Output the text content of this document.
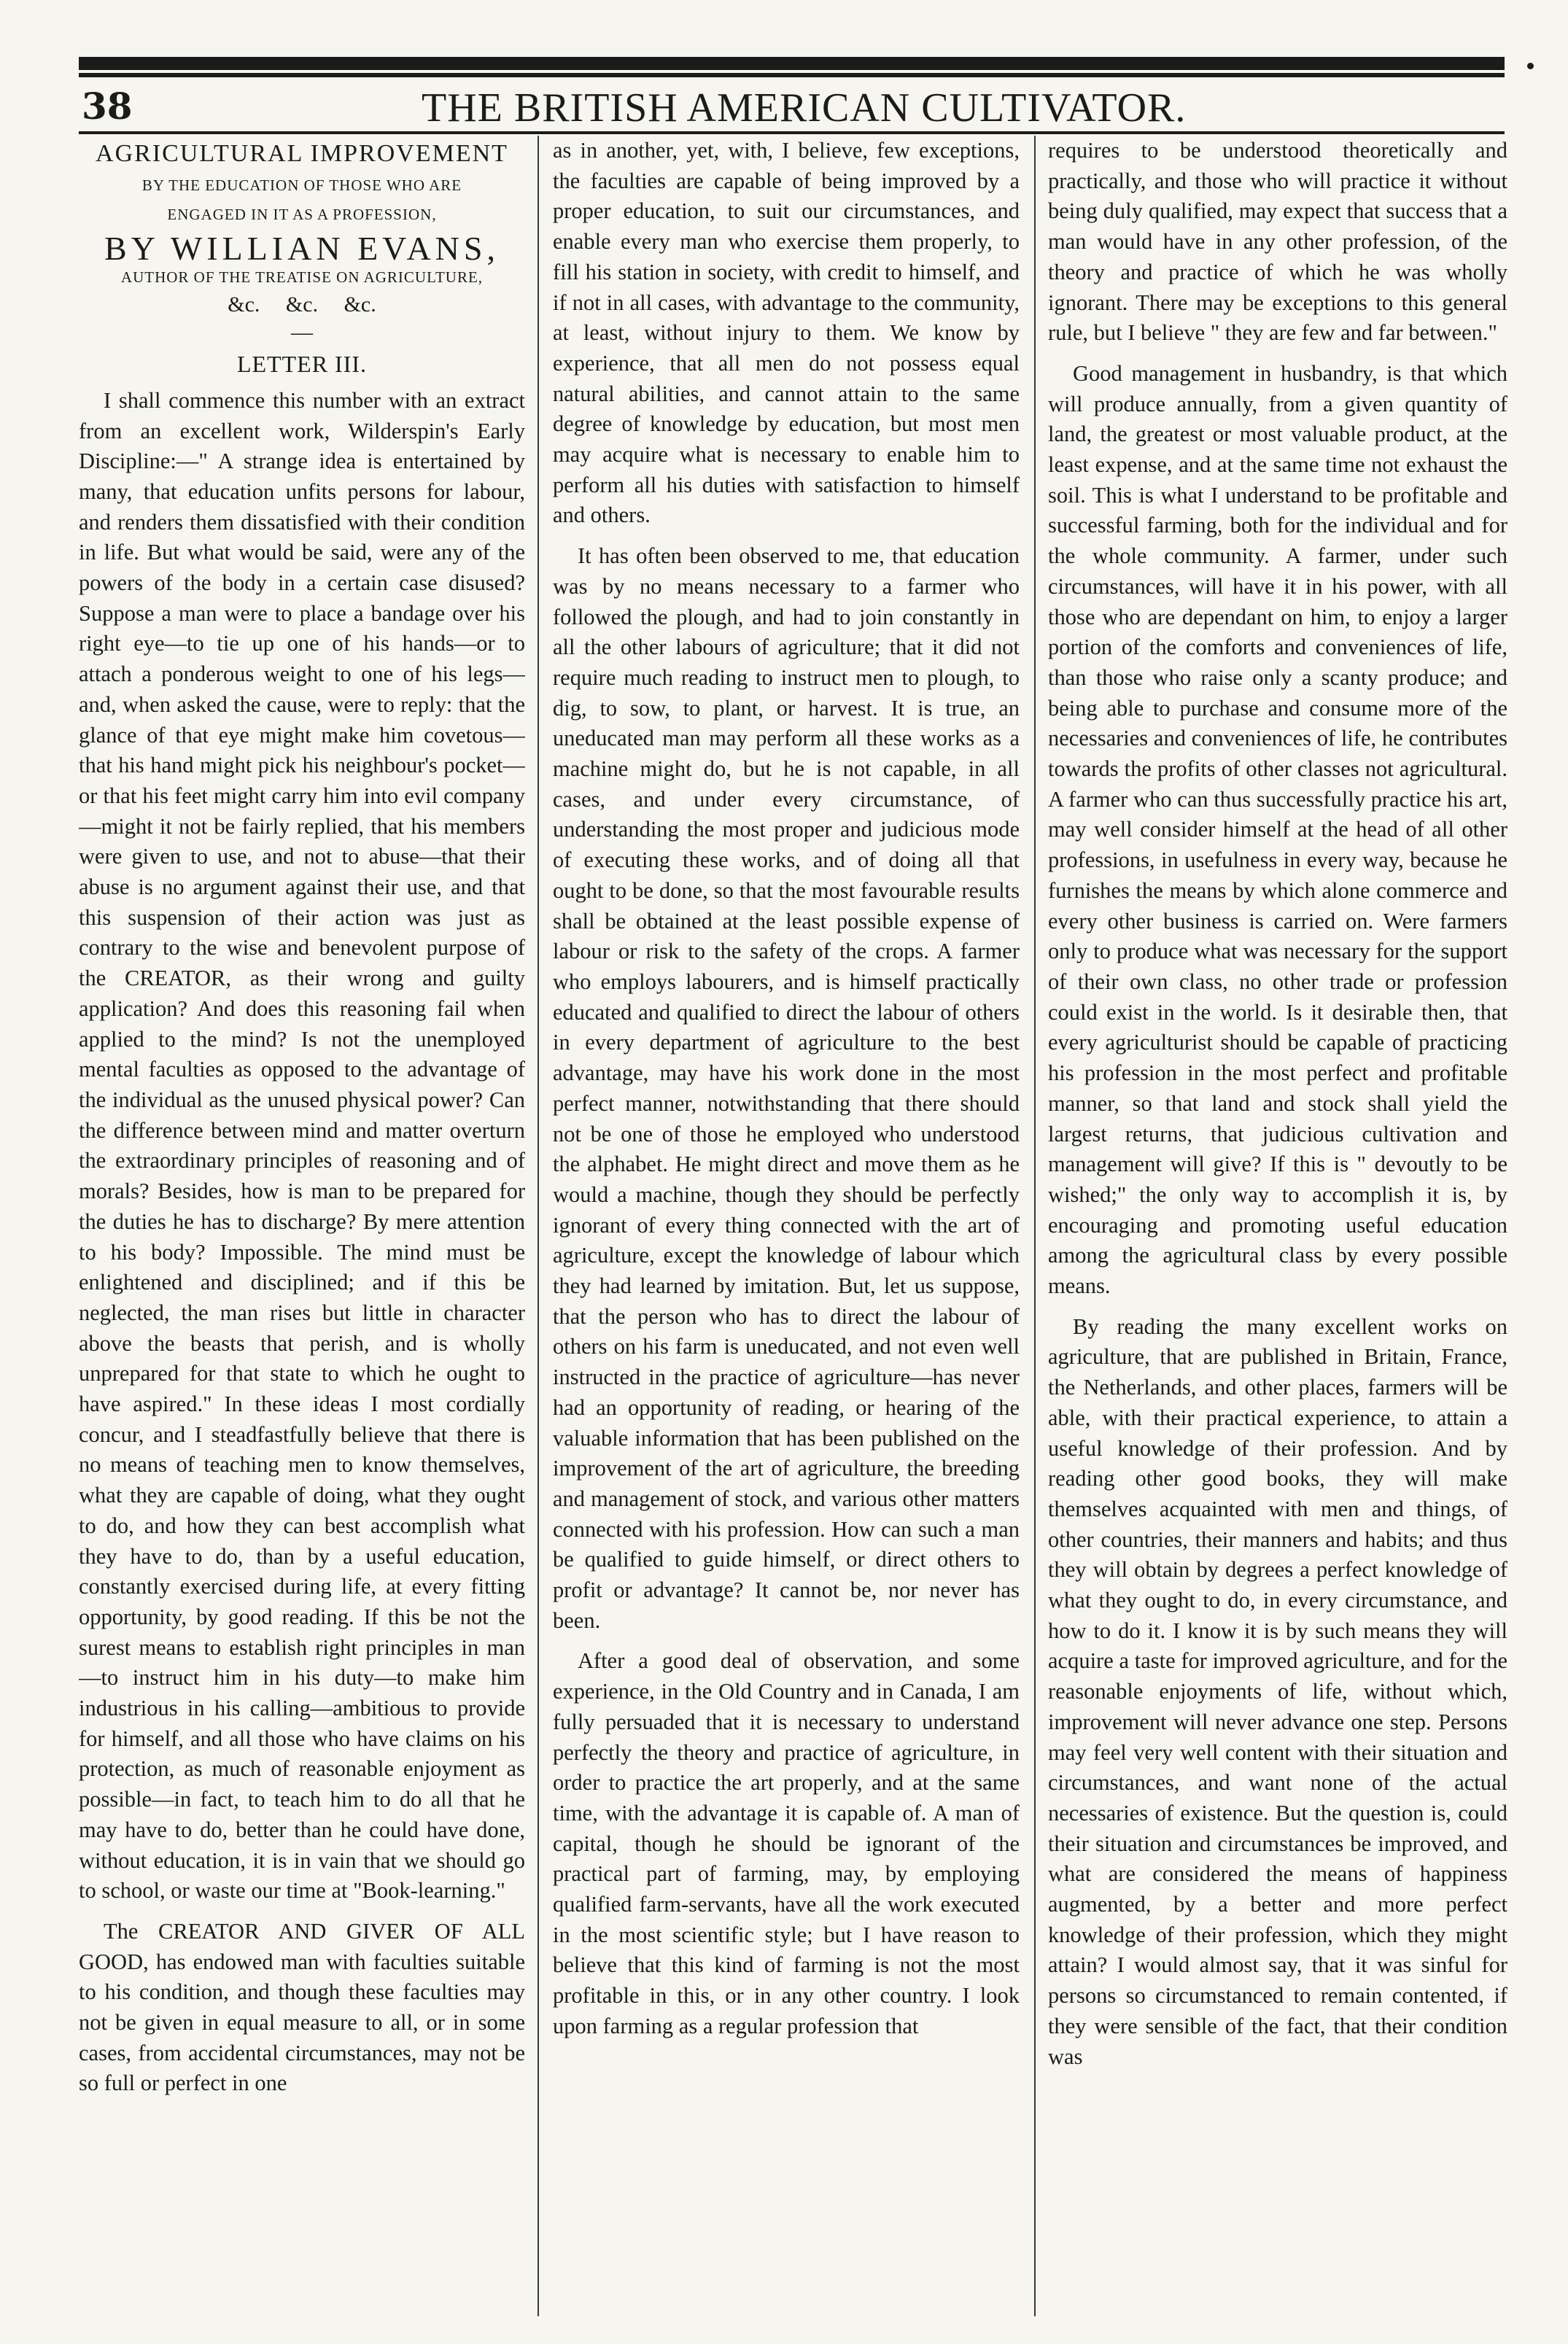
38	THE BRITISH AMERICAN CULTIVATOR.
AGRICULTURAL IMPROVEMENT
BY THE EDUCATION OF THOSE WHO ARE
ENGAGED IN IT AS A PROFESSION,
BY WILLIAN EVANS,
AUTHOR OF THE TREATISE ON AGRICULTURE,
&c. &c. &c.
—
LETTER III.

I shall commence this number with an extract from an excellent work, Wilderspin's Early Discipline:—" A strange idea is entertained by many, that education unfits persons for labour, and renders them dissatisfied with their condition in life. But what would be said, were any of the powers of the body in a certain case disused? Suppose a man were to place a bandage over his right eye—to tie up one of his hands—or to attach a ponderous weight to one of his legs—and, when asked the cause, were to reply: that the glance of that eye might make him covetous—that his hand might pick his neighbour's pocket—or that his feet might carry him into evil company—might it not be fairly replied, that his members were given to use, and not to abuse—that their abuse is no argument against their use, and that this suspension of their action was just as contrary to the wise and benevolent purpose of the CREATOR, as their wrong and guilty application? And does this reasoning fail when applied to the mind? Is not the unemployed mental faculties as opposed to the advantage of the individual as the unused physical power? Can the difference between mind and matter overturn the extraordinary principles of reasoning and of morals? Besides, how is man to be prepared for the duties he has to discharge? By mere attention to his body? Impossible. The mind must be enlightened and disciplined; and if this be neglected, the man rises but little in character above the beasts that perish, and is wholly unprepared for that state to which he ought to have aspired." In these ideas I most cordially concur, and I steadfastfully believe that there is no means of teaching men to know themselves, what they are capable of doing, what they ought to do, and how they can best accomplish what they have to do, than by a useful education, constantly exercised during life, at every fitting opportunity, by good reading. If this be not the surest means to establish right principles in man—to instruct him in his duty—to make him industrious in his calling—ambitious to provide for himself, and all those who have claims on his protection, as much of reasonable enjoyment as possible—in fact, to teach him to do all that he may have to do, better than he could have done, without education, it is in vain that we should go to school, or waste our time at "Book-learning."

The CREATOR AND GIVER OF ALL GOOD, has endowed man with faculties suitable to his condition, and though these faculties may not be given in equal measure to all, or in some cases, from accidental circumstances, may not be so full or perfect in one

as in another, yet, with, I believe, few exceptions, the faculties are capable of being improved by a proper education, to suit our circumstances, and enable every man who exercise them properly, to fill his station in society, with credit to himself, and if not in all cases, with advantage to the community, at least, without injury to them. We know by experience, that all men do not possess equal natural abilities, and cannot attain to the same degree of knowledge by education, but most men may acquire what is necessary to enable him to perform all his duties with satisfaction to himself and others.

It has often been observed to me, that education was by no means necessary to a farmer who followed the plough, and had to join constantly in all the other labours of agriculture; that it did not require much reading to instruct men to plough, to dig, to sow, to plant, or harvest. It is true, an uneducated man may perform all these works as a machine might do, but he is not capable, in all cases, and under every circumstance, of understanding the most proper and judicious mode of executing these works, and of doing all that ought to be done, so that the most favourable results shall be obtained at the least possible expense of labour or risk to the safety of the crops. A farmer who employs labourers, and is himself practically educated and qualified to direct the labour of others in every department of agriculture to the best advantage, may have his work done in the most perfect manner, notwithstanding that there should not be one of those he employed who understood the alphabet. He might direct and move them as he would a machine, though they should be perfectly ignorant of every thing connected with the art of agriculture, except the knowledge of labour which they had learned by imitation. But, let us suppose, that the person who has to direct the labour of others on his farm is uneducated, and not even well instructed in the practice of agriculture—has never had an opportunity of reading, or hearing of the valuable information that has been published on the improvement of the art of agriculture, the breeding and management of stock, and various other matters connected with his profession. How can such a man be qualified to guide himself, or direct others to profit or advantage? It cannot be, nor never has been.

After a good deal of observation, and some experience, in the Old Country and in Canada, I am fully persuaded that it is necessary to understand perfectly the theory and practice of agriculture, in order to practice the art properly, and at the same time, with the advantage it is capable of. A man of capital, though he should be ignorant of the practical part of farming, may, by employing qualified farm-servants, have all the work executed in the most scientific style; but I have reason to believe that this kind of farming is not the most profitable in this, or in any other country. I look upon farming as a regular profession that

requires to be understood theoretically and practically, and those who will practice it without being duly qualified, may expect that success that a man would have in any other profession, of the theory and practice of which he was wholly ignorant. There may be exceptions to this general rule, but I believe " they are few and far between."

Good management in husbandry, is that which will produce annually, from a given quantity of land, the greatest or most valuable product, at the least expense, and at the same time not exhaust the soil. This is what I understand to be profitable and successful farming, both for the individual and for the whole community. A farmer, under such circumstances, will have it in his power, with all those who are dependant on him, to enjoy a larger portion of the comforts and conveniences of life, than those who raise only a scanty produce; and being able to purchase and consume more of the necessaries and conveniences of life, he contributes towards the profits of other classes not agricultural. A farmer who can thus successfully practice his art, may well consider himself at the head of all other professions, in usefulness in every way, because he furnishes the means by which alone commerce and every other business is carried on. Were farmers only to produce what was necessary for the support of their own class, no other trade or profession could exist in the world. Is it desirable then, that every agriculturist should be capable of practicing his profession in the most perfect and profitable manner, so that land and stock shall yield the largest returns, that judicious cultivation and management will give? If this is " devoutly to be wished;" the only way to accomplish it is, by encouraging and promoting useful education among the agricultural class by every possible means.

By reading the many excellent works on agriculture, that are published in Britain, France, the Netherlands, and other places, farmers will be able, with their practical experience, to attain a useful knowledge of their profession. And by reading other good books, they will make themselves acquainted with men and things, of other countries, their manners and habits; and thus they will obtain by degrees a perfect knowledge of what they ought to do, in every circumstance, and how to do it. I know it is by such means they will acquire a taste for improved agriculture, and for the reasonable enjoyments of life, without which, improvement will never advance one step. Persons may feel very well content with their situation and circumstances, and want none of the actual necessaries of existence. But the question is, could their situation and circumstances be improved, and what are considered the means of happiness augmented, by a better and more perfect knowledge of their profession, which they might attain? I would almost say, that it was sinful for persons so circumstanced to remain contented, if they were sensible of the fact, that their condition was
